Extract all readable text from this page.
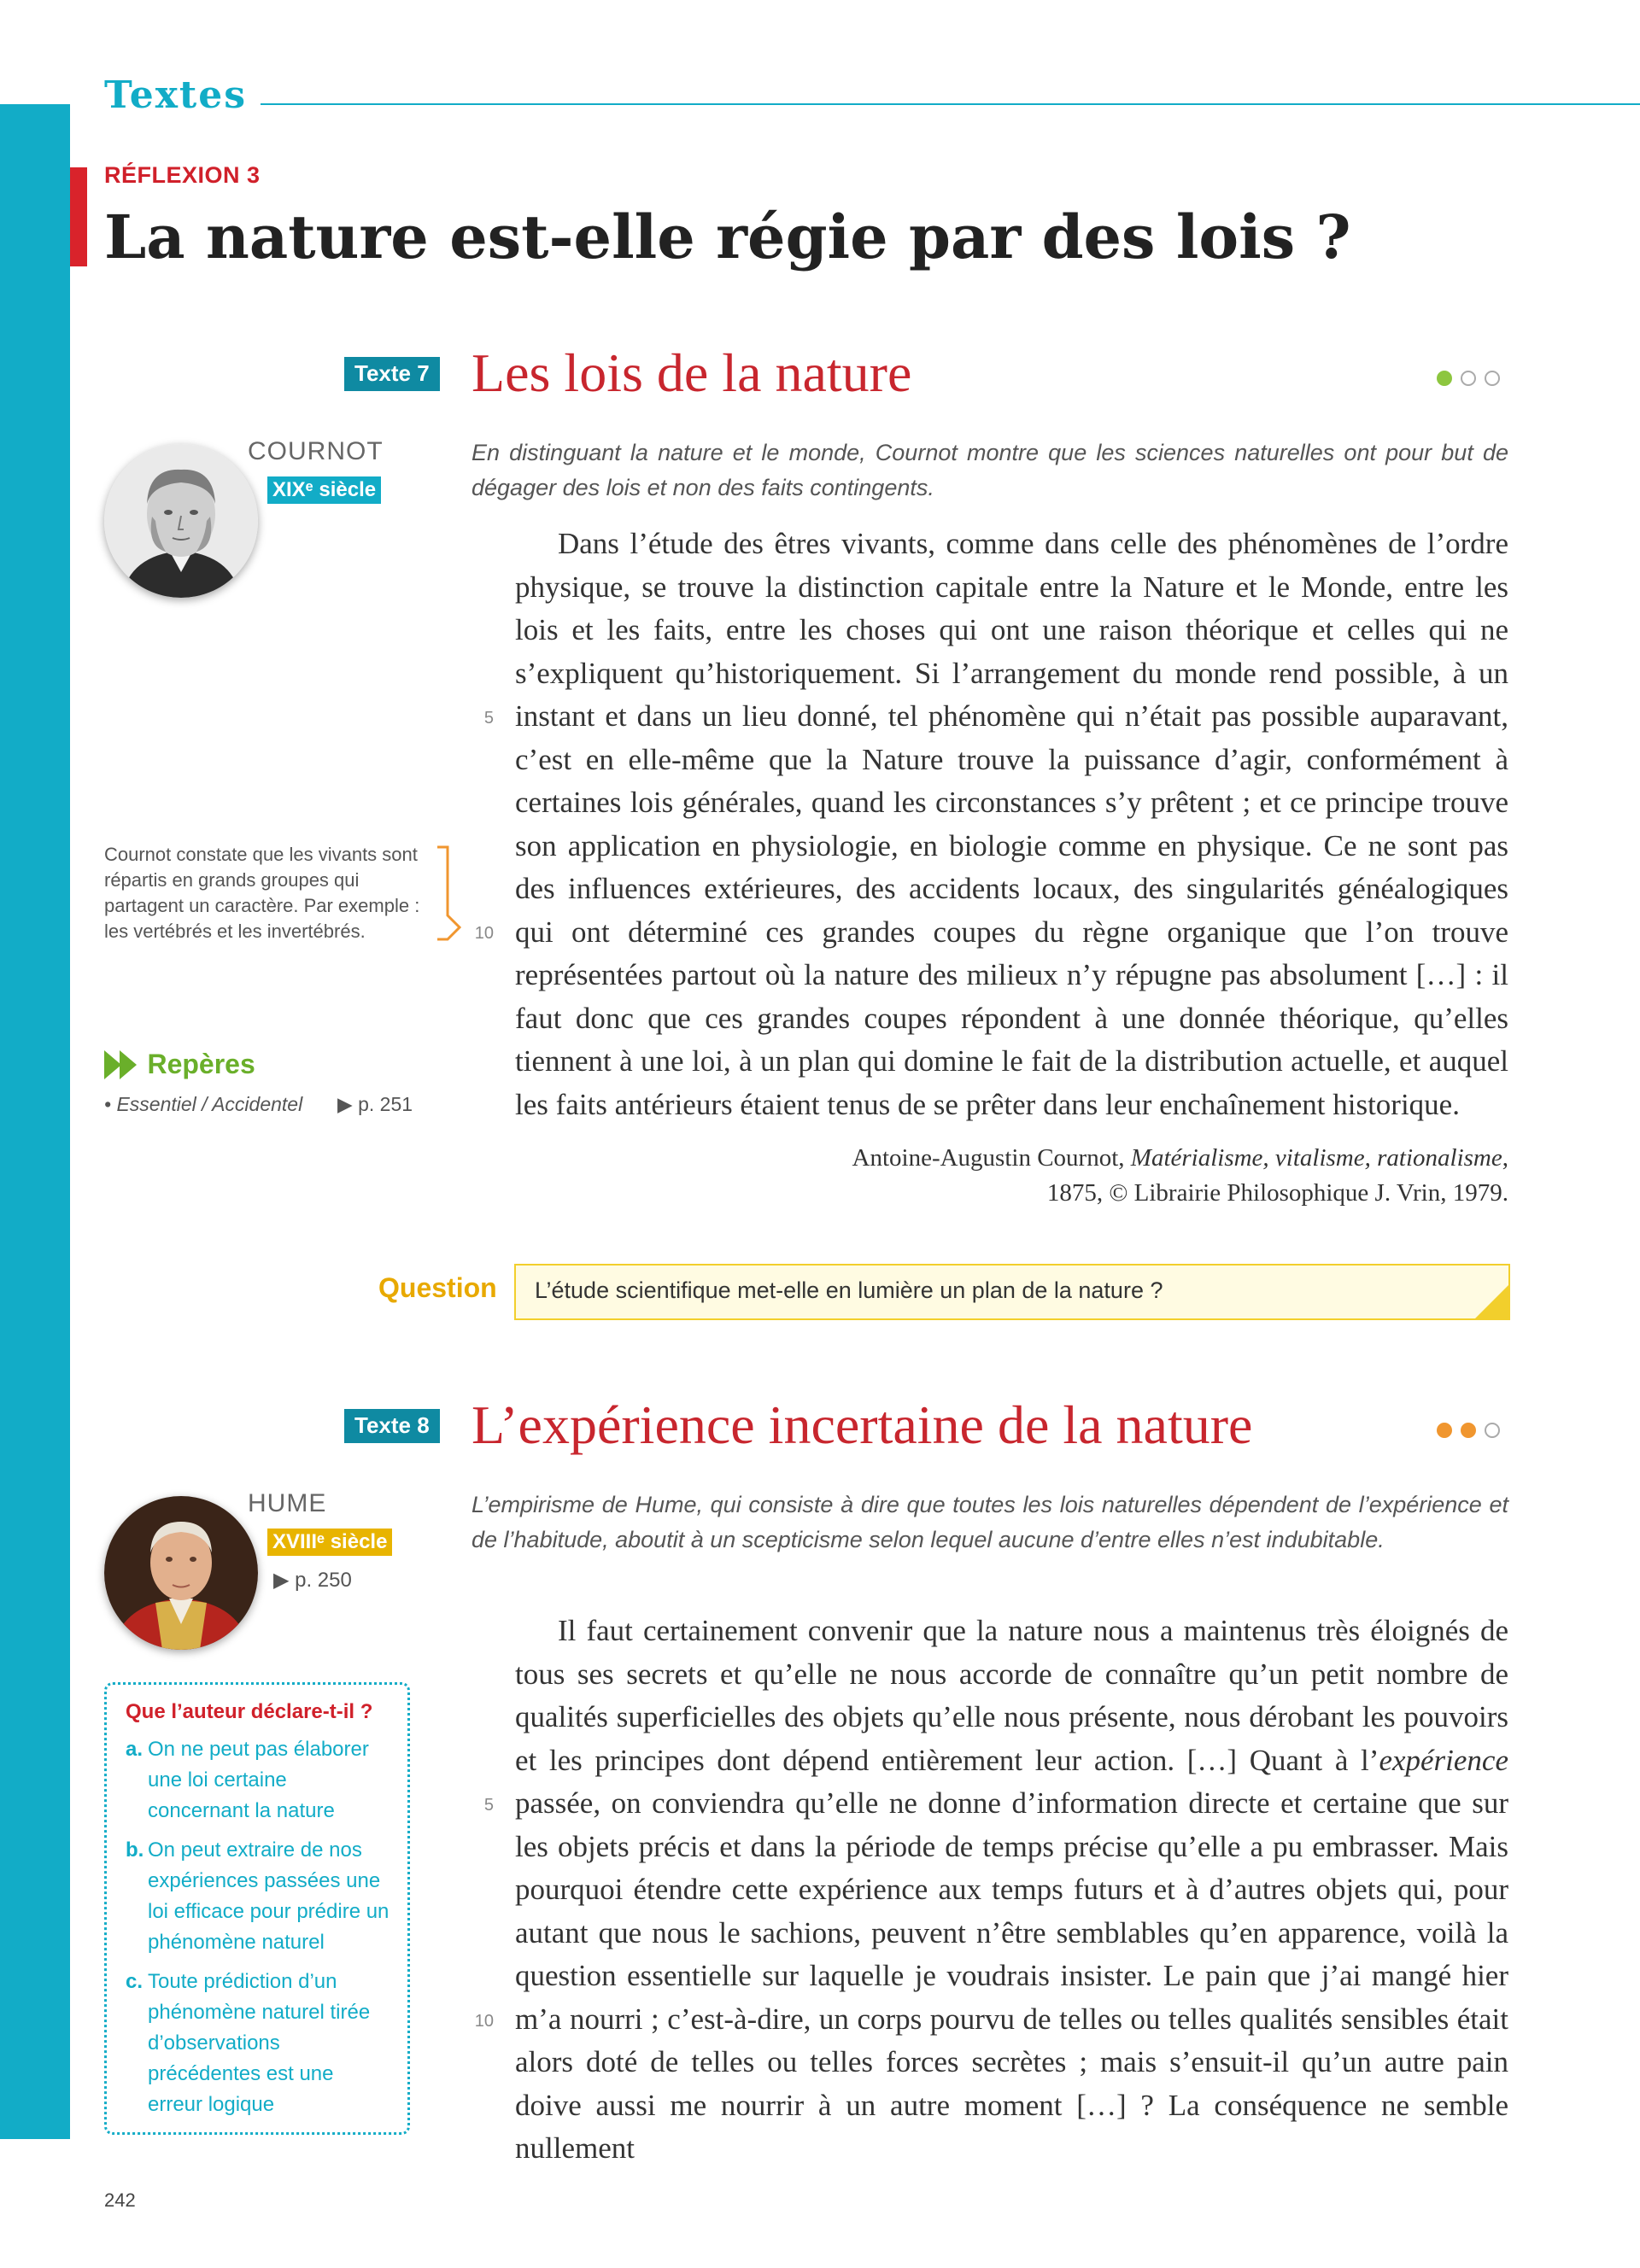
Textes
RÉFLEXION 3
La nature est-elle régie par des lois ?
Texte 7 Les lois de la nature
COURNOT
XIXᵉ siècle
En distinguant la nature et le monde, Cournot montre que les sciences naturelles ont pour but de dégager des lois et non des faits contingents.

Dans l’étude des êtres vivants, comme dans celle des phénomènes de l’ordre physique, se trouve la distinction capitale entre la Nature et le Monde, entre les lois et les faits, entre les choses qui ont une raison théorique et celles qui ne s’expliquent qu’historiquement. Si l’arrangement du monde rend possible, à un instant et dans un lieu donné, tel phénomène qui n’était pas possible auparavant, c’est en elle-même que la Nature trouve la puissance d’agir, conformément à certaines lois générales, quand les circonstances s’y prêtent ; et ce principe trouve son application en physiologie, en biologie comme en physique. Ce ne sont pas des influences extérieures, des accidents locaux, des singularités généalogiques qui ont déterminé ces grandes coupes du règne organique que l’on trouve représentées partout où la nature des milieux n’y répugne pas absolument […] : il faut donc que ces grandes coupes répondent à une donnée théorique, qu’elles tiennent à une loi, à un plan qui domine le fait de la distribution actuelle, et auquel les faits antérieurs étaient tenus de se prêter dans leur enchaînement historique.

5
10
Antoine-Augustin Cournot, Matérialisme, vitalisme, rationalisme,
1875, © Librairie Philosophique J. Vrin, 1979.
Cournot constate que les vivants sont répartis en grands groupes qui partagent un caractère. Par exemple : les vertébrés et les invertébrés.
Repères
• Essentiel / Accidentel ▶ p. 251
Question	L’étude scientifique met-elle en lumière un plan de la nature ?
Texte 8 L’expérience incertaine de la nature
HUME
XVIIIᵉ siècle
▶ p. 250
L’empirisme de Hume, qui consiste à dire que toutes les lois naturelles dépendent de l’expérience et de l’habitude, aboutit à un scepticisme selon lequel aucune d’entre elles n’est indubitable.

Il faut certainement convenir que la nature nous a maintenus très éloignés de tous ses secrets et qu’elle ne nous accorde de connaître qu’un petit nombre de qualités superficielles des objets qu’elle nous présente, nous dérobant les pouvoirs et les principes dont dépend entièrement leur action. […] Quant à l’expérience passée, on conviendra qu’elle ne donne d’information directe et certaine que sur les objets précis et dans la période de temps précise qu’elle a pu embrasser. Mais pourquoi étendre cette expérience aux temps futurs et à d’autres objets qui, pour autant que nous le sachions, peuvent n’être semblables qu’en apparence, voilà la question essentielle sur laquelle je voudrais insister. Le pain que j’ai mangé hier m’a nourri ; c’est-à-dire, un corps pourvu de telles ou telles qualités sensibles était alors doté de telles ou telles forces secrètes ; mais s’ensuit-il qu’un autre pain doive aussi me nourrir à un autre moment […] ? La conséquence ne semble nullement

5
10
Que l’auteur déclare-t-il ?
a. On ne peut pas élaborer une loi certaine concernant la nature
b. On peut extraire de nos expériences passées une loi efficace pour prédire un phénomène naturel
c. Toute prédiction d’un phénomène naturel tirée d’observations précédentes est une erreur logique
242
